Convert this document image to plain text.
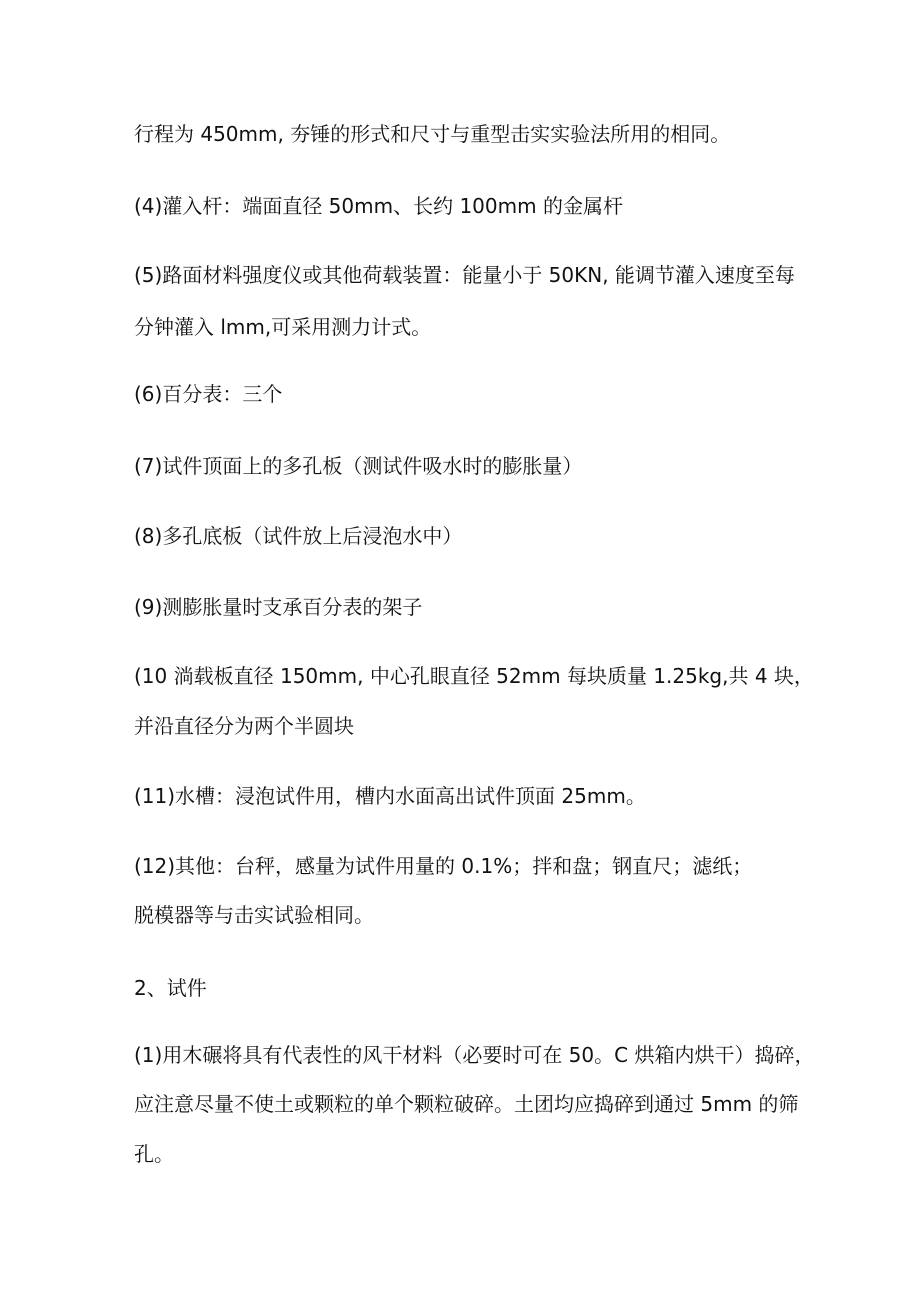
行程为 450mm, 夯锤的形式和尺寸与重型击实实验法所用的相同。
(4)灌入杆：端面直径 50mm、长约 100mm 的金属杆
(5)路面材料强度仪或其他荷载装置：能量小于 50KN, 能调节灌入速度至每
分钟灌入 lmm,可采用测力计式。
(6)百分表：三个
(7)试件顶面上的多孔板（测试件吸水时的膨胀量）
(8)多孔底板（试件放上后浸泡水中）
(9)测膨胀量时支承百分表的架子
(10 淌载板直径 150mm, 中心孔眼直径 52mm 每块质量 1.25kg,共 4 块，
并沿直径分为两个半圆块
(11)水槽：浸泡试件用，槽内水面高出试件顶面 25mm。
(12)其他：台秤，感量为试件用量的 0.1%；拌和盘；钢直尺；滤纸；
脱模器等与击实试验相同。
2、试件
(1)用木碾将具有代表性的风干材料（必要时可在 50。C 烘箱内烘干）捣碎，
应注意尽量不使土或颗粒的单个颗粒破碎。土团均应捣碎到通过 5mm 的筛
孔。
